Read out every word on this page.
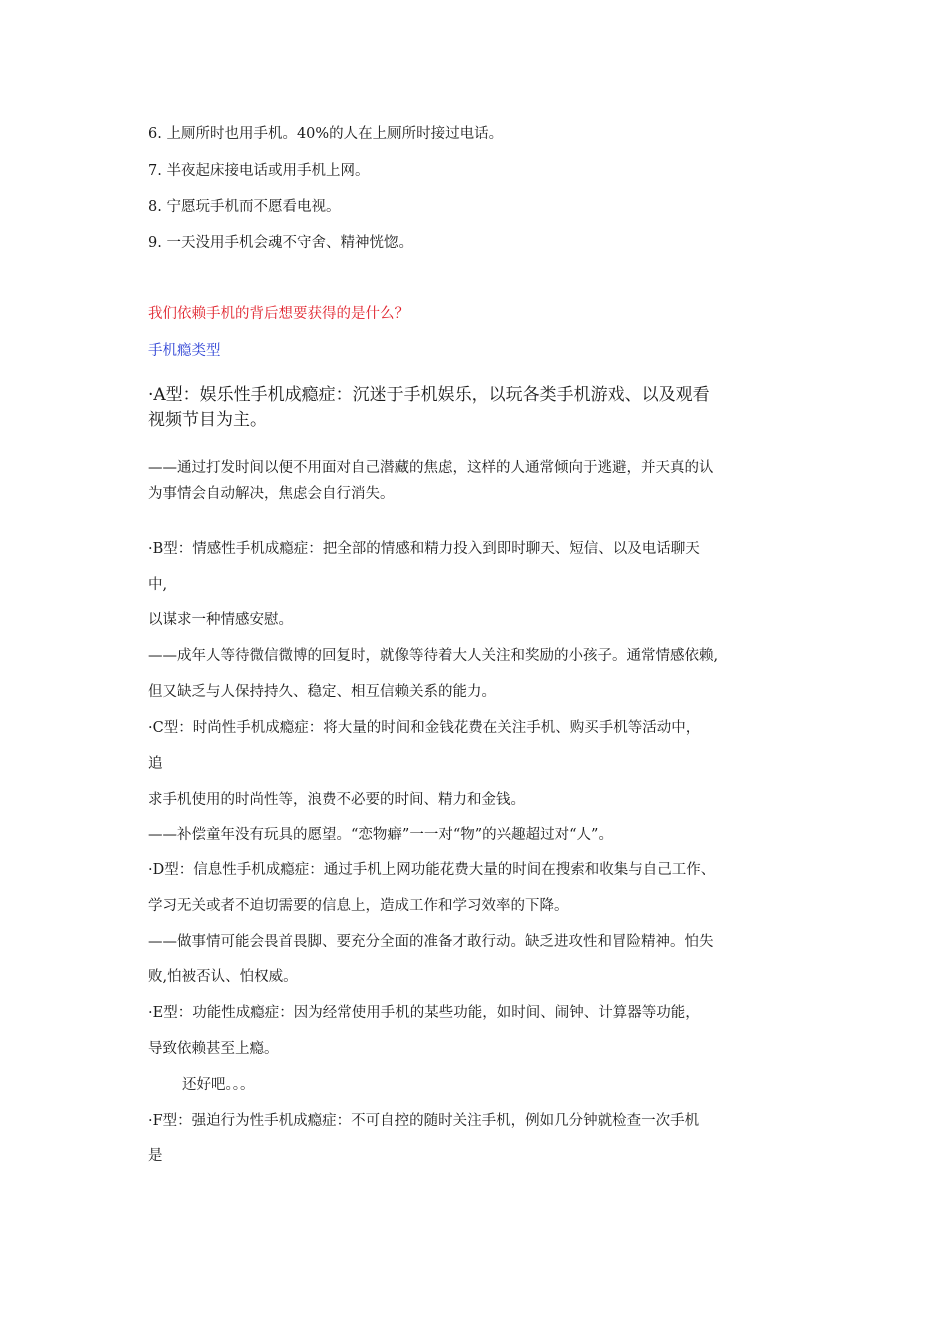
6. 上厕所时也用手机。40%的人在上厕所时接过电话。
7. 半夜起床接电话或用手机上网。
8. 宁愿玩手机而不愿看电视。
9. 一天没用手机会魂不守舍、精神恍惚。
我们依赖手机的背后想要获得的是什么？
手机瘾类型
·A型：娱乐性手机成瘾症：沉迷于手机娱乐，以玩各类手机游戏、以及观看
视频节目为主。
——通过打发时间以便不用面对自己潜藏的焦虑，这样的人通常倾向于逃避，并天真的认
为事情会自动解决，焦虑会自行消失。
·B型：情感性手机成瘾症：把全部的情感和精力投入到即时聊天、短信、以及电话聊天
中,
以谋求一种情感安慰。
——成年人等待微信微博的回复时，就像等待着大人关注和奖励的小孩子。通常情感依赖,
但又缺乏与人保持持久、稳定、相互信赖关系的能力。
·C型：时尚性手机成瘾症：将大量的时间和金钱花费在关注手机、购买手机等活动中，
追
求手机使用的时尚性等，浪费不必要的时间、精力和金钱。
——补偿童年没有玩具的愿望。“恋物癖”一一对“物”的兴趣超过对“人”。
·D型：信息性手机成瘾症：通过手机上网功能花费大量的时间在搜索和收集与自己工作、
学习无关或者不迫切需要的信息上，造成工作和学习效率的下降。
——做事情可能会畏首畏脚、要充分全面的准备才敢行动。缺乏进攻性和冒险精神。怕失
败,怕被否认、怕权威。
·E型：功能性成瘾症：因为经常使用手机的某些功能，如时间、闹钟、计算器等功能，
导致依赖甚至上瘾。
还好吧。。。
·F型：强迫行为性手机成瘾症：不可自控的随时关注手机，例如几分钟就检查一次手机
是
